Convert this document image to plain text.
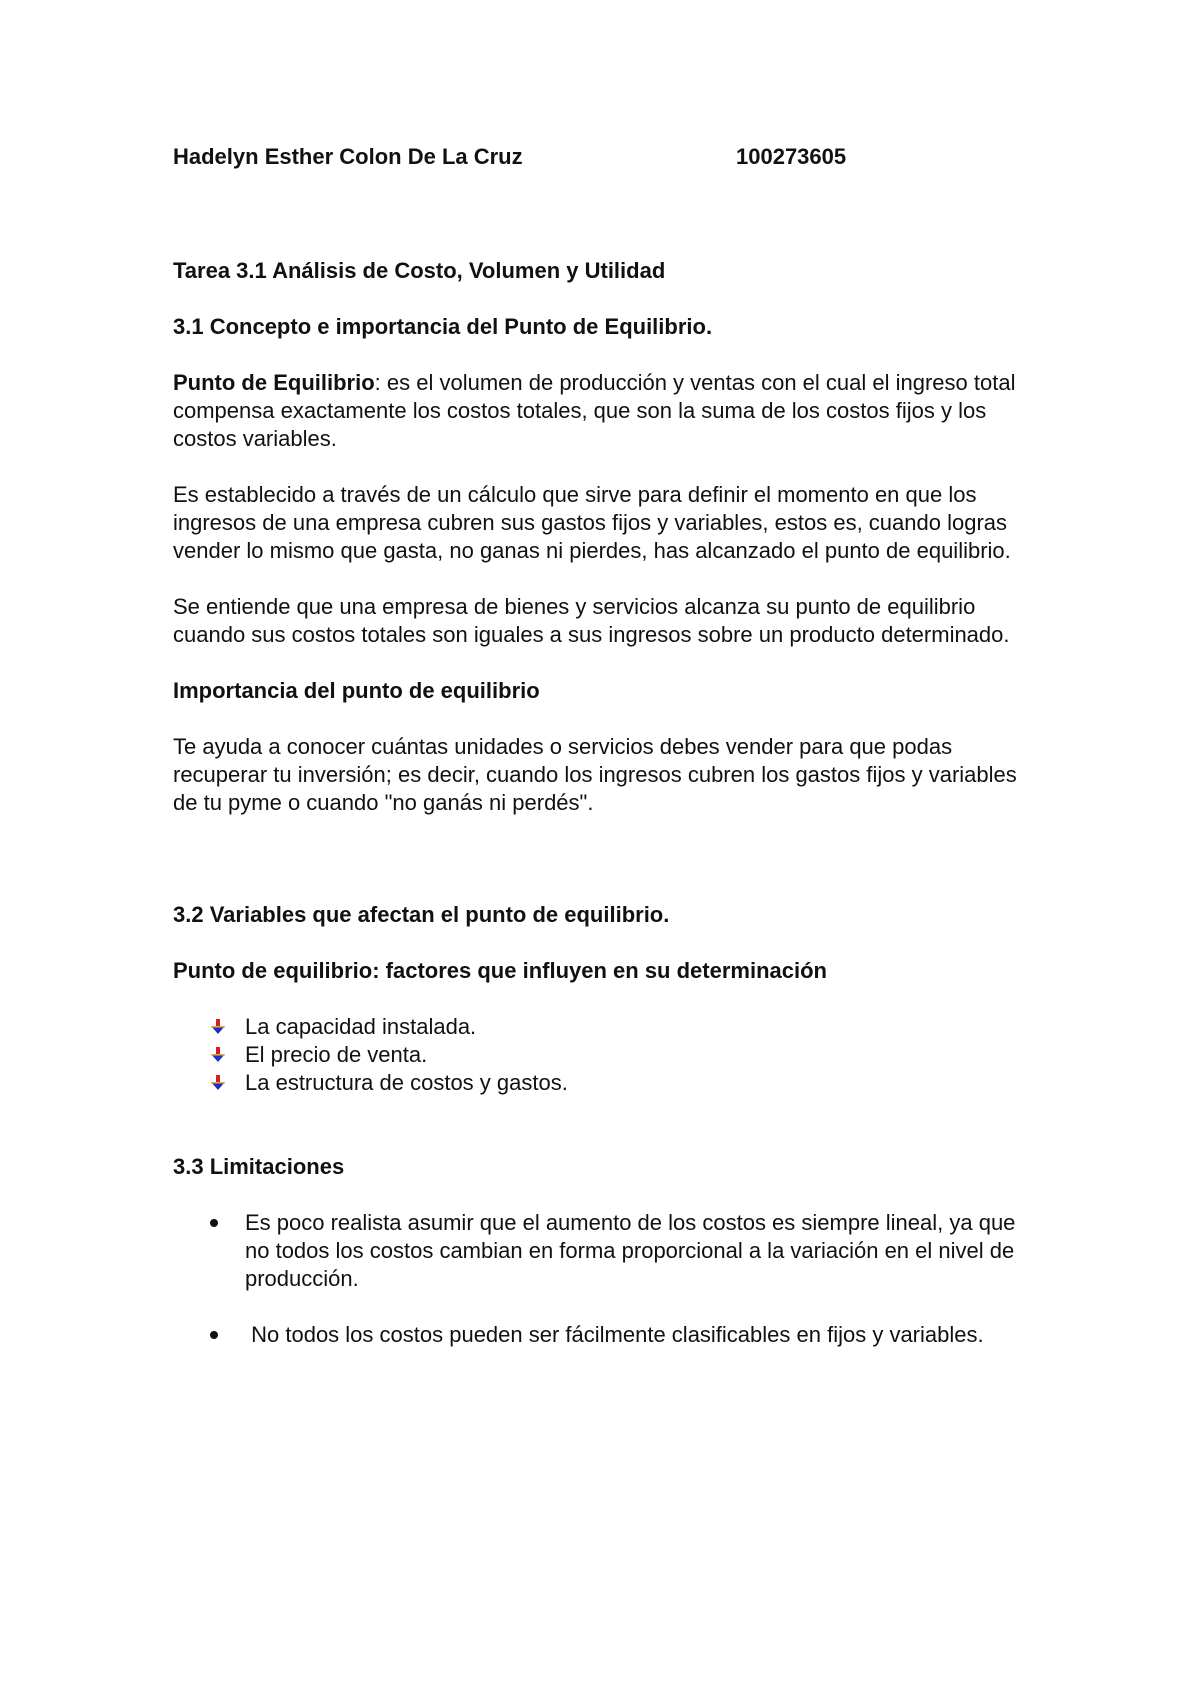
Hadelyn Esther Colon De La Cruz	100273605

Tarea 3.1 Análisis de Costo, Volumen y Utilidad

3.1 Concepto e importancia del Punto de Equilibrio.

Punto de Equilibrio: es el volumen de producción y ventas con el cual el ingreso total compensa exactamente los costos totales, que son la suma de los costos fijos y los costos variables.

Es establecido a través de un cálculo que sirve para definir el momento en que los ingresos de una empresa cubren sus gastos fijos y variables, estos es, cuando logras vender lo mismo que gasta, no ganas ni pierdes, has alcanzado el punto de equilibrio.

Se entiende que una empresa de bienes y servicios alcanza su punto de equilibrio cuando sus costos totales son iguales a sus ingresos sobre un producto determinado.

Importancia del punto de equilibrio

Te ayuda a conocer cuántas unidades o servicios debes vender para que podas recuperar tu inversión; es decir, cuando los ingresos cubren los gastos fijos y variables de tu pyme o cuando "no ganás ni perdés".

3.2 Variables que afectan el punto de equilibrio.

Punto de equilibrio: factores que influyen en su determinación

La capacidad instalada.
El precio de venta.
La estructura de costos y gastos.

3.3 Limitaciones

Es poco realista asumir que el aumento de los costos es siempre lineal, ya que no todos los costos cambian en forma proporcional a la variación en el nivel de producción.
No todos los costos pueden ser fácilmente clasificables en fijos y variables.
